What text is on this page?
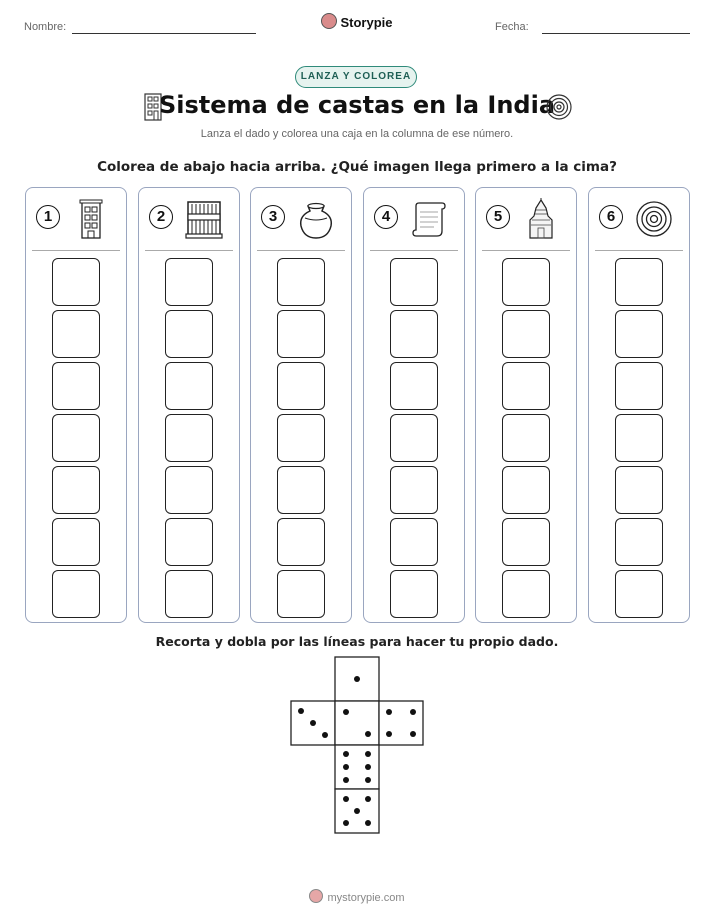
Nombre:	Storypie	Fecha:
LANZA Y COLOREA
Sistema de castas en la India
Lanza el dado y colorea una caja en la columna de ese número.
Colorea de abajo hacia arriba. ¿Qué imagen llega primero a la cima?
1	2	3	4	5	6
Recorta y dobla por las líneas para hacer tu propio dado.
mystorypie.com
